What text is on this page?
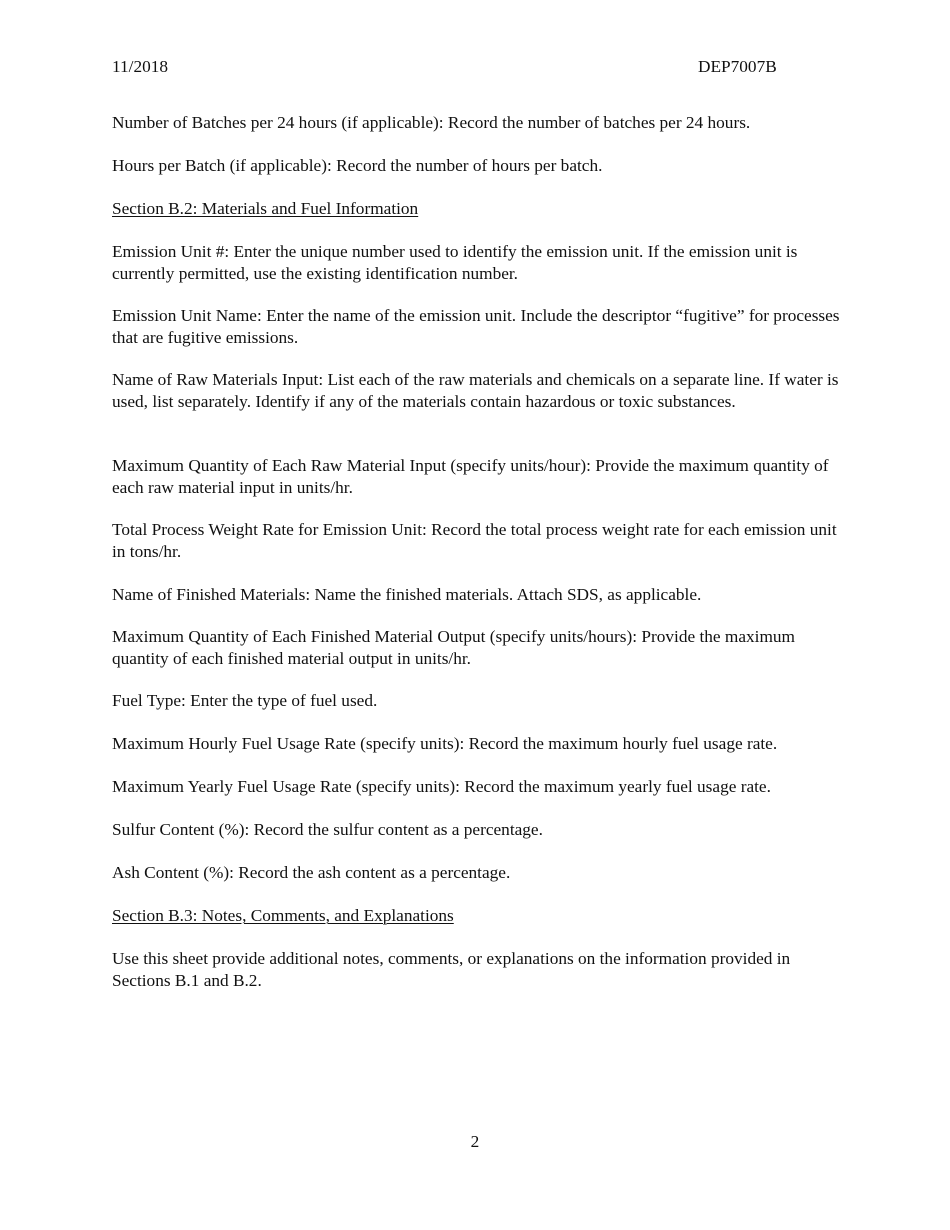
11/2018	DEP7007B

Number of Batches per 24 hours (if applicable): Record the number of batches per 24 hours.

Hours per Batch (if applicable): Record the number of hours per batch.

Section B.2: Materials and Fuel Information

Emission Unit #: Enter the unique number used to identify the emission unit. If the emission unit is currently permitted, use the existing identification number.

Emission Unit Name: Enter the name of the emission unit. Include the descriptor “fugitive” for processes that are fugitive emissions.

Name of Raw Materials Input: List each of the raw materials and chemicals on a separate line. If water is used, list separately. Identify if any of the materials contain hazardous or toxic substances.

Maximum Quantity of Each Raw Material Input (specify units/hour): Provide the maximum quantity of each raw material input in units/hr.

Total Process Weight Rate for Emission Unit: Record the total process weight rate for each emission unit in tons/hr.

Name of Finished Materials: Name the finished materials. Attach SDS, as applicable.

Maximum Quantity of Each Finished Material Output (specify units/hours): Provide the maximum quantity of each finished material output in units/hr.

Fuel Type: Enter the type of fuel used.

Maximum Hourly Fuel Usage Rate (specify units): Record the maximum hourly fuel usage rate.

Maximum Yearly Fuel Usage Rate (specify units): Record the maximum yearly fuel usage rate.

Sulfur Content (%): Record the sulfur content as a percentage.

Ash Content (%): Record the ash content as a percentage.

Section B.3: Notes, Comments, and Explanations

Use this sheet provide additional notes, comments, or explanations on the information provided in Sections B.1 and B.2.

2
